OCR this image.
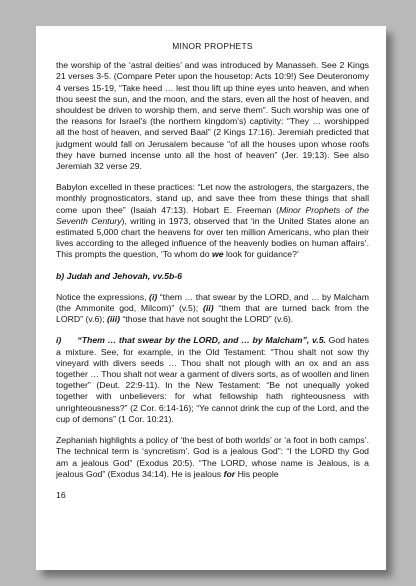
MINOR PROPHETS

the worship of the ‘astral deities’ and was introduced by Manasseh. See 2 Kings 21 verses 3-5. (Compare Peter upon the housetop: Acts 10:9!) See Deuteronomy 4 verses 15-19, “Take heed … lest thou lift up thine eyes unto heaven, and when thou seest the sun, and the moon, and the stars, even all the host of heaven, and shouldest be driven to worship them, and serve them”. Such worship was one of the reasons for Israel’s (the northern kingdom’s) captivity: “They … worshipped all the host of heaven, and served Baal” (2 Kings 17:16). Jeremiah predicted that judgment would fall on Jerusalem because “of all the houses upon whose roofs they have burned incense unto all the host of heaven” (Jer. 19:13). See also Jeremiah 32 verse 29.

Babylon excelled in these practices: “Let now the astrologers, the stargazers, the monthly prognosticators, stand up, and save thee from these things that shall come upon thee” (Isaiah 47:13). Hobart E. Freeman (Minor Prophets of the Seventh Century), writing in 1973, observed that ‘in the United States alone an estimated 5,000 chart the heavens for over ten million Americans, who plan their lives according to the alleged influence of the heavenly bodies on human affairs’. This prompts the question, ‘To whom do we look for guidance?’

b) Judah and Jehovah, vv.5b-6

Notice the expressions, (i) “them … that swear by the LORD, and … by Malcham (the Ammonite god, Milcom)” (v.5); (ii) “them that are turned back from the LORD” (v.6); (iii) “those that have not sought the LORD” (v.6).

i)      “Them … that swear by the LORD, and … by Malcham”, v.5. God hates a mixture. See, for example, in the Old Testament: “Thou shalt not sow thy vineyard with divers seeds … Thou shalt not plough with an ox and an ass together … Thou shalt not wear a garment of divers sorts, as of woollen and linen together” (Deut. 22:9-11). In the New Testament: “Be not unequally yoked together with unbelievers: for what fellowship hath righteousness with unrighteousness?” (2 Cor. 6:14-16); “Ye cannot drink the cup of the Lord, and the cup of demons” (1 Cor. 10:21).

Zephaniah highlights a policy of ‘the best of both worlds’ or ‘a foot in both camps’. The technical term is ‘syncretism’. God is a jealous God”: “I the LORD thy God am a jealous God” (Exodus 20:5). “The LORD, whose name is Jealous, is a jealous God” (Exodus 34:14). He is jealous for His people

16
